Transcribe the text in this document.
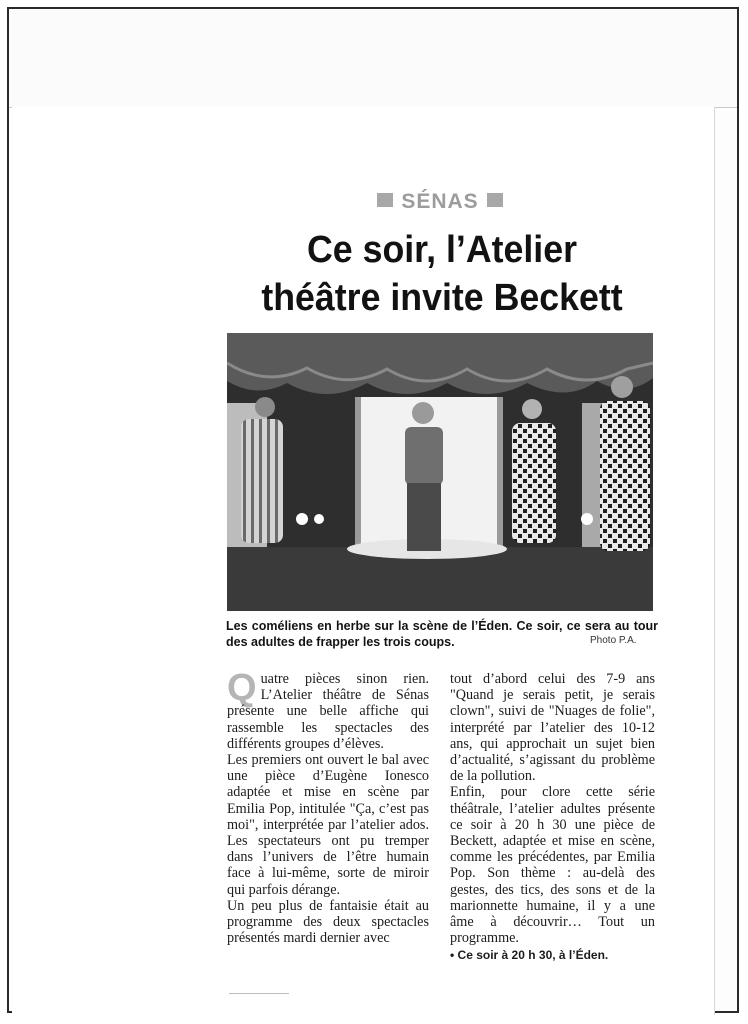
SÉNAS
Ce soir, l’Atelier
théâtre invite Beckett
Les coméliens en herbe sur la scène de l’Éden. Ce soir, ce sera au tour des adultes de frapper les trois coups.	Photo P.A.
Q uatre pièces sinon rien. L’Atelier théâtre de Sénas présente une belle affiche qui rassemble les spectacles des différents groupes d’élèves.

Les premiers ont ouvert le bal avec une pièce d’Eugène Ionesco adaptée et mise en scène par Emilia Pop, intitulée "Ça, c’est pas moi", interprétée par l’atelier ados. Les spectateurs ont pu tremper dans l’univers de l’être humain face à lui-même, sorte de miroir qui parfois dérange.

Un peu plus de fantaisie était au programme des deux spectacles présentés mardi dernier avec

tout d’abord celui des 7-9 ans "Quand je serais petit, je serais clown", suivi de "Nuages de folie", interprété par l’atelier des 10-12 ans, qui approchait un sujet bien d’actualité, s’agissant du problème de la pollution.

Enfin, pour clore cette série théâtrale, l’atelier adultes présente ce soir à 20 h 30 une pièce de Beckett, adaptée et mise en scène, comme les précédentes, par Emilia Pop. Son thème : au-delà des gestes, des tics, des sons et de la marionnette humaine, il y a une âme à découvrir… Tout un programme.

• Ce soir à 20 h 30, à l’Éden.
